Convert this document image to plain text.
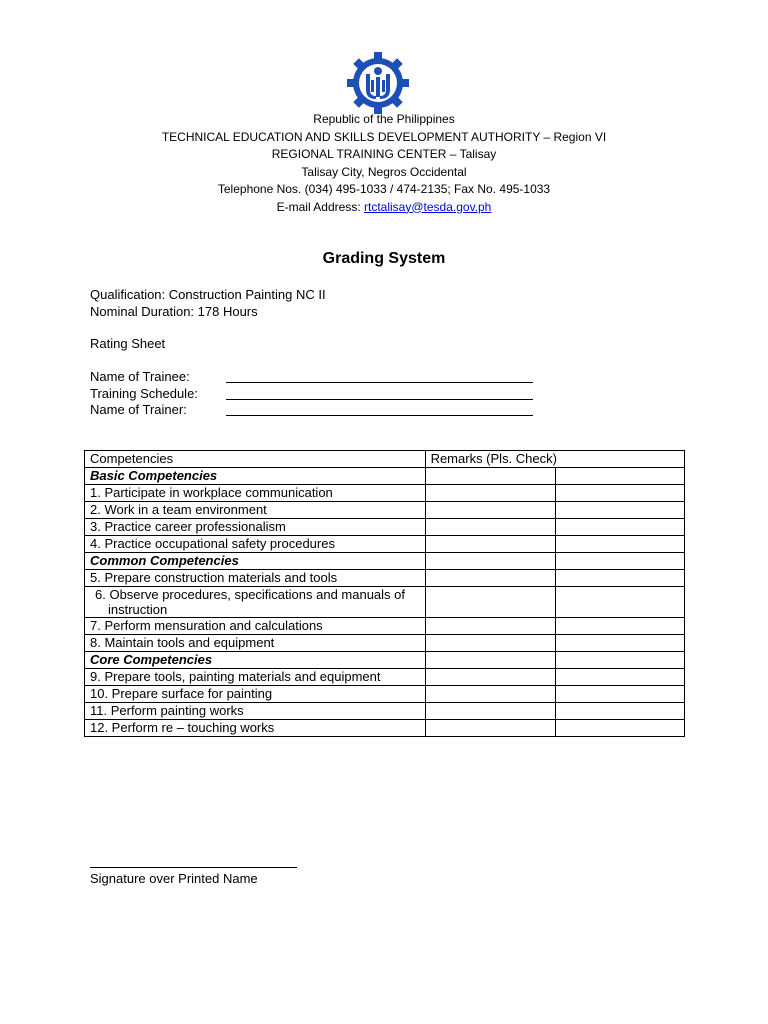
Republic of the Philippines
TECHNICAL EDUCATION AND SKILLS DEVELOPMENT AUTHORITY – Region VI
REGIONAL TRAINING CENTER – Talisay
Talisay City, Negros Occidental
Telephone Nos. (034) 495-1033 / 474-2135; Fax No. 495-1033
E-mail Address: rtctalisay@tesda.gov.ph
Grading System
Qualification: Construction Painting NC II
Nominal Duration: 178 Hours
Rating Sheet
Name of Trainee:
Training Schedule:
Name of Trainer:
Competencies	Remarks (Pls. Check)	
Basic Competencies		
1. Participate in workplace communication		
2. Work in a team environment		
3. Practice career professionalism		
4. Practice occupational safety procedures		
Common Competencies		
5. Prepare construction materials and tools		

6. Observe procedures, specifications and manuals of instruction		

7. Perform mensuration and calculations		
8. Maintain tools and equipment		
Core Competencies		
9. Prepare tools, painting materials and equipment		
10. Prepare surface for painting		
11. Perform painting works		
12. Perform re – touching works		
Signature over Printed Name
